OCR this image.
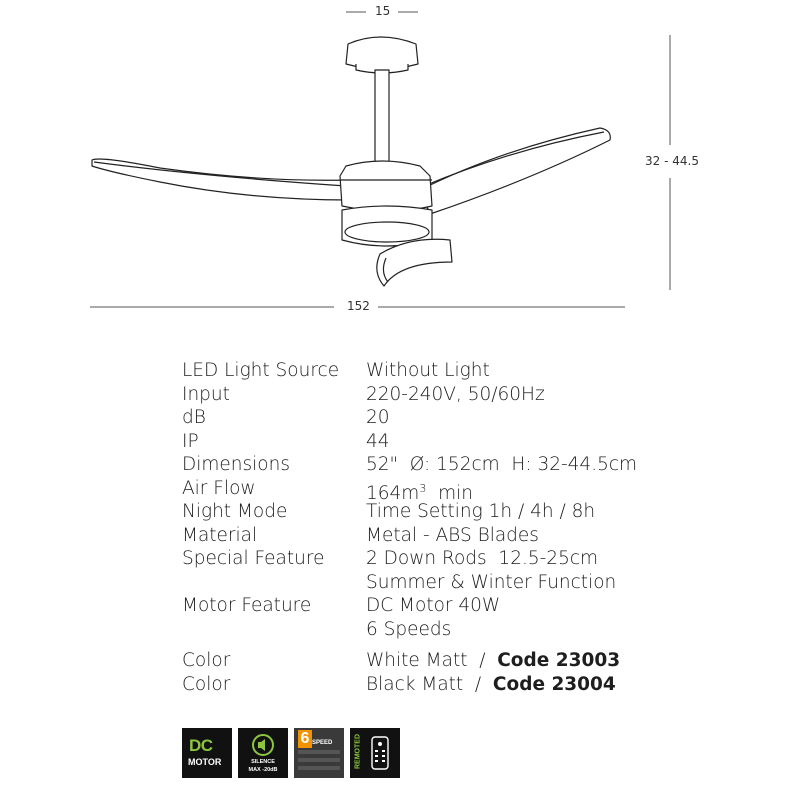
15
32 - 44.5
152
LED Light Source	Without Light
Input	220-240V, 50/60Hz
dB	20
IP	44
Dimensions	52"  Ø: 152cm  H: 32-44.5cm
Air Flow	$164m^3$  min
Night Mode	Time Setting 1h / 4h / 8h
Material	Metal - ABS Blades
Special Feature	2 Down Rods  12.5-25cm
Summer & Winter Function
Motor Feature	DC Motor 40W
6 Speeds
Color	White Matt  /  Code 23003
Color	Black Matt  /  Code 23004
DC
MOTOR	SILENCE
MAX -20dB
6 SPEED	REMOTED
